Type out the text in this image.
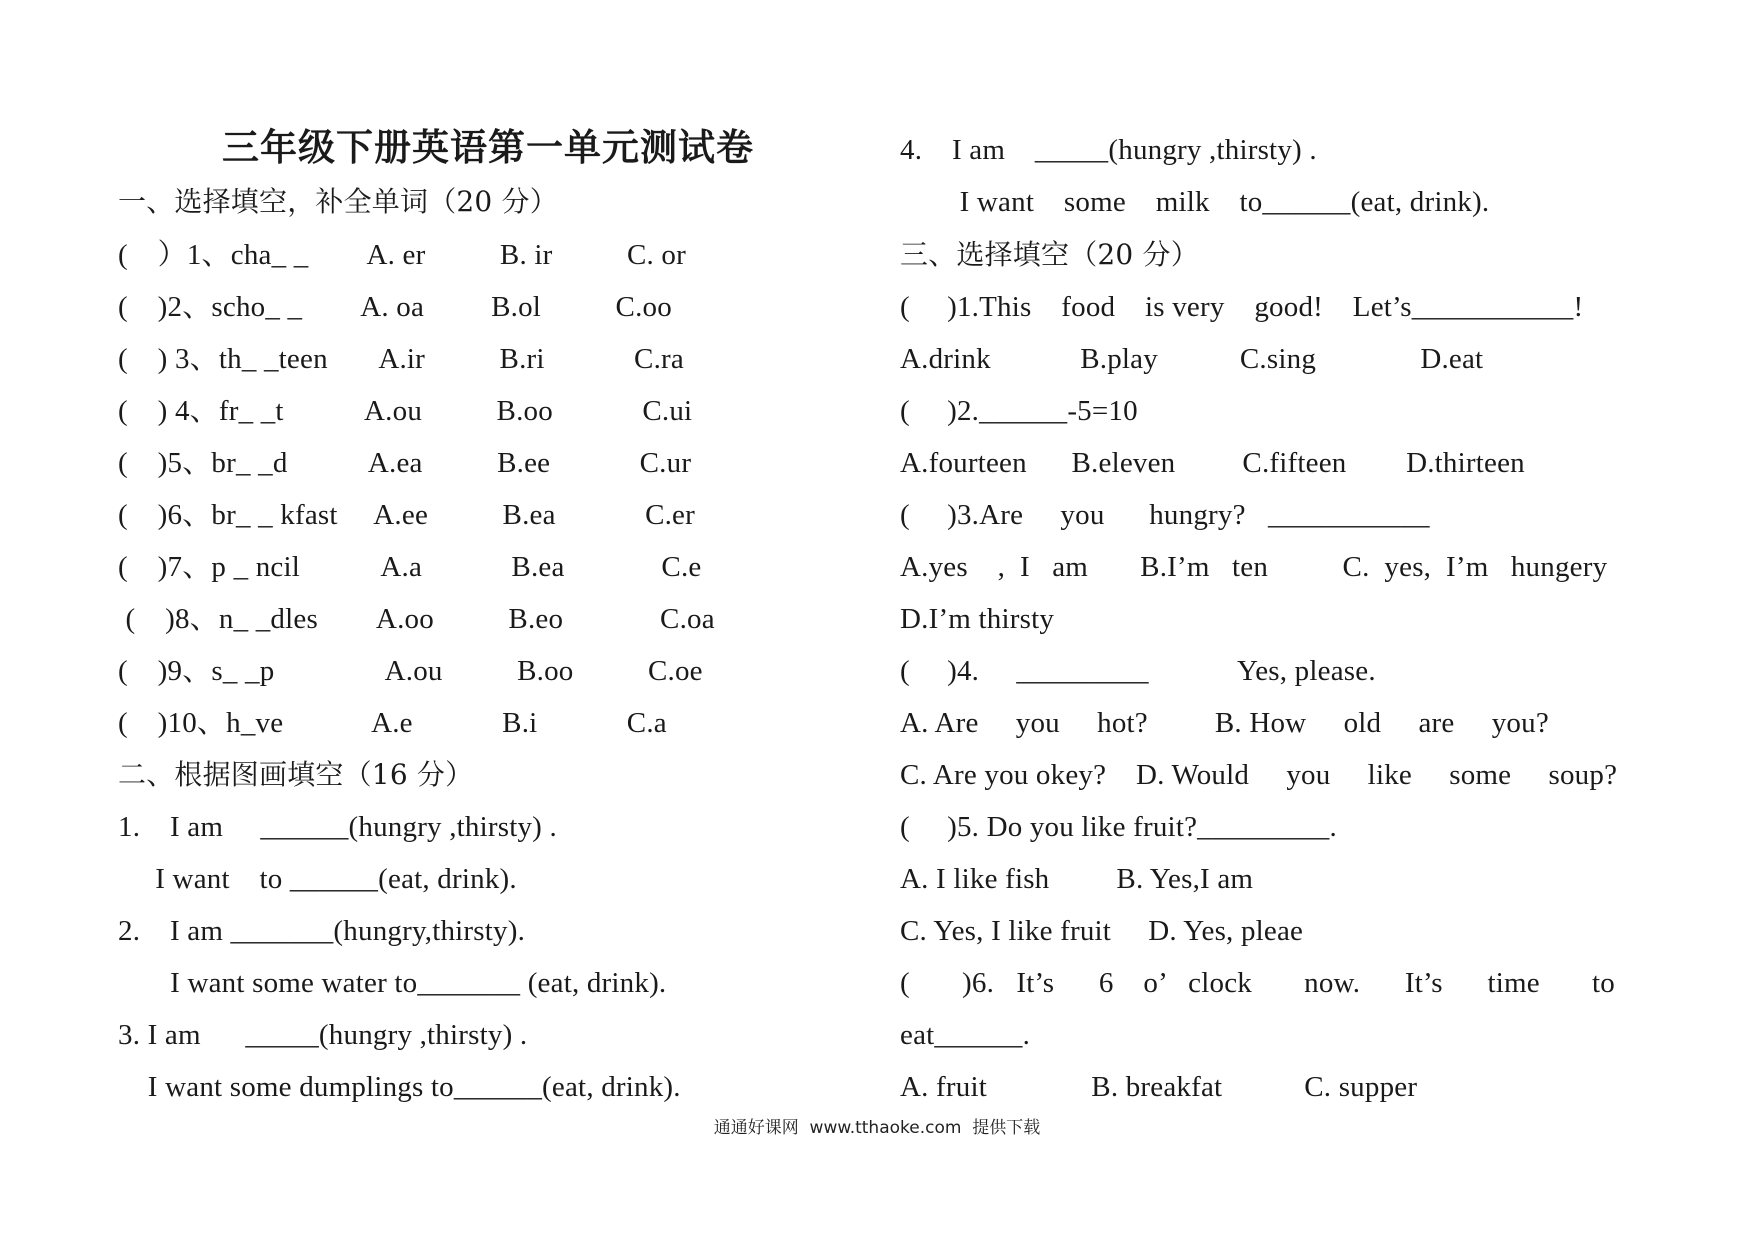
三年级下册英语第一单元测试卷
一、选择填空，补全单词（20 分）
(    ）1、cha_ _        A. er          B. ir          C. or
(    )2、scho_ _        A. oa         B.ol          C.oo
(    ) 3、th_ _teen       A.ir          B.ri            C.ra
(    ) 4、fr_ _t           A.ou          B.oo            C.ui
(    )5、br_ _d           A.ea          B.ee            C.ur
(    )6、br_ _ kfast     A.ee          B.ea            C.er
(    )7、p _ ncil           A.a            B.ea             C.e
(    )8、n_ _dles        A.oo          B.eo             C.oa
(    )9、s_ _p               A.ou          B.oo          C.oe
(    )10、h_ve            A.e            B.i            C.a
二、根据图画填空（16 分）
1.    I am     ______(hungry ,thirsty) .
I want    to ______(eat, drink).
2.    I am _______(hungry,thirsty).
I want some water to_______ (eat, drink).
3. I am      _____(hungry ,thirsty) .
I want some dumplings to______(eat, drink).
4.    I am    _____(hungry ,thirsty) .
I want    some    milk    to______(eat, drink).
三、选择填空（20 分）
(     )1.This    food    is very    good!    Let’s___________!
A.drink            B.play           C.sing              D.eat
(     )2.______-5=10
A.fourteen      B.eleven         C.fifteen        D.thirteen
(     )3.Are     you      hungry?   ___________
A.yes    ,  I   am       B.I’m   ten          C.  yes,  I’m   hungery
D.I’m thirsty
(     )4.     _________            Yes, please.
A. Are     you     hot?         B. How     old     are     you?
C. Are you okey?    D. Would     you     like     some     soup?
(     )5. Do you like fruit?_________.
A. I like fish         B. Yes,I am
C. Yes, I like fruit     D. Yes, pleae
(       )6.   It’s      6    o’   clock       now.      It’s      time       to
eat______.
A. fruit              B. breakfat           C. supper
通通好课网  www.tthaoke.com  提供下载
